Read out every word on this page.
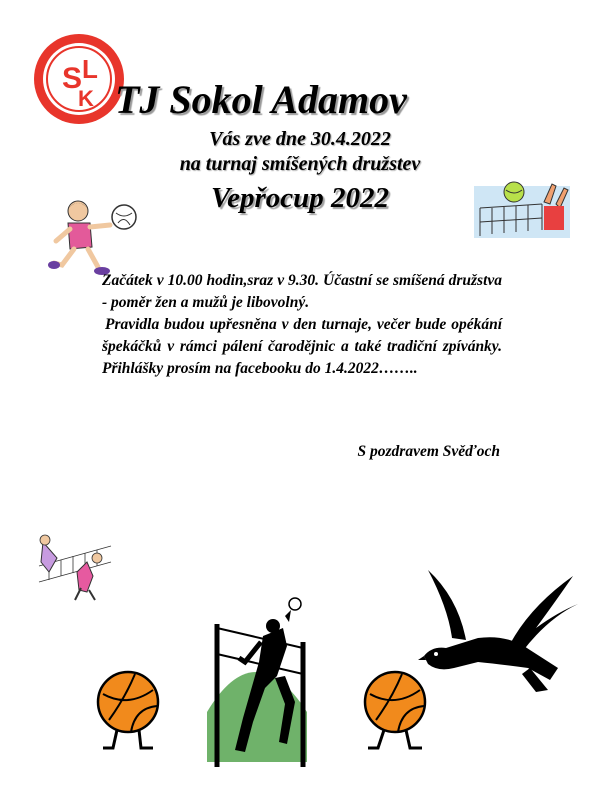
S L
K TJ Sokol Adamov
Vás zve dne 30.4.2022
na turnaj smíšených družstev
Vepřocup 2022

Začátek v 10.00 hodin,sraz v 9.30. Účastní se smíšená družstva - poměr žen a mužů je libovolný.

Pravidla budou upřesněna v den turnaje, večer bude opékání špekáčků v rámci pálení čarodějnic a také tradiční zpívánky. Přihlášky prosím na facebooku do 1.4.2022……..

S pozdravem Svěďoch
